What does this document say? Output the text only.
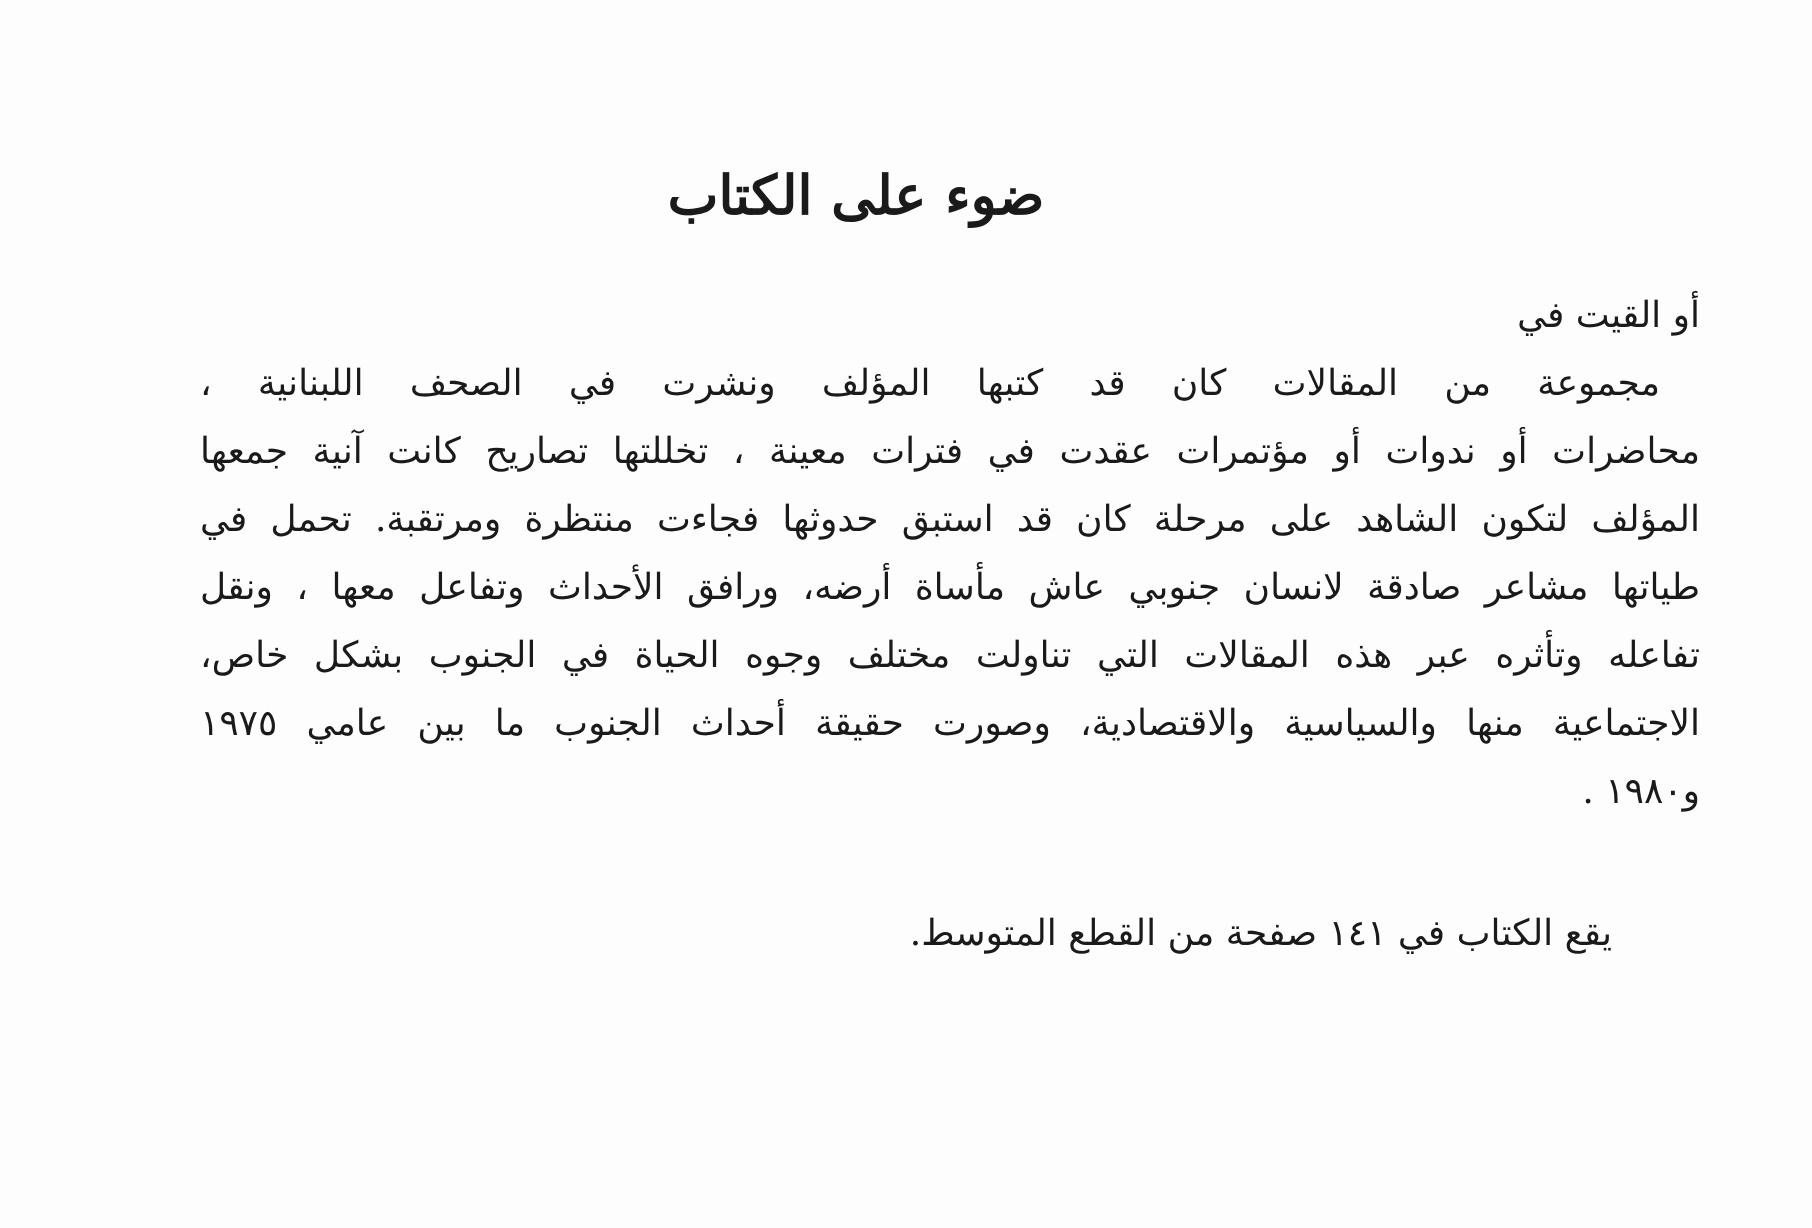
ضوء على الكتاب
أو القيت في
مجموعة من المقالات كان قد كتبها المؤلف ونشرت في الصحف اللبنانية ،
محاضرات أو ندوات أو مؤتمرات عقدت في فترات معينة ، تخللتها تصاريح كانت آنية جمعها
المؤلف لتكون الشاهد على مرحلة كان قد استبق حدوثها فجاءت منتظرة ومرتقبة. تحمل في
طياتها مشاعر صادقة لانسان جنوبي عاش مأساة أرضه، ورافق الأحداث وتفاعل معها ، ونقل
تفاعله وتأثره عبر هذه المقالات التي تناولت مختلف وجوه الحياة في الجنوب بشكل خاص،
الاجتماعية منها والسياسية والاقتصادية، وصورت حقيقة أحداث الجنوب ما بين عامي ١٩٧٥
و١٩٨٠ .
يقع الكتاب في ١٤١ صفحة من القطع المتوسط.
